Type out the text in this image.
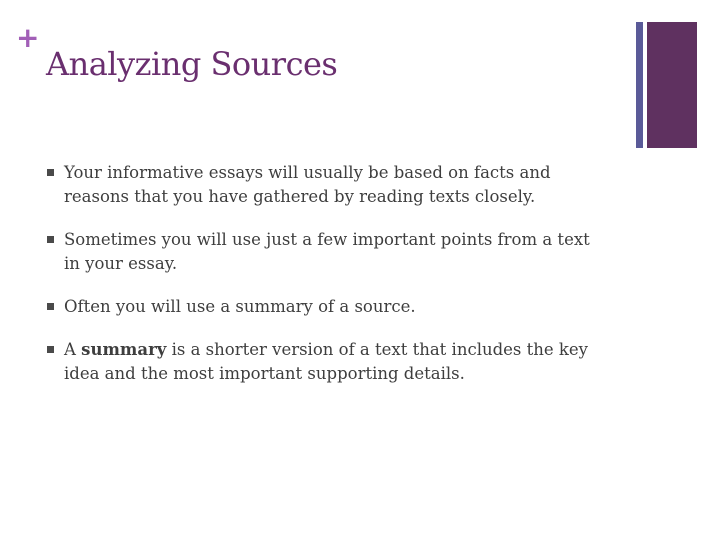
+
Analyzing Sources
Your informative essays will usually be based on facts and reasons that you have gathered by reading texts closely.
Sometimes you will use just a few important points from a text in your essay.
Often you will use a summary of a source.
A summary is a shorter version of a text that includes the key idea and the most important supporting details.
